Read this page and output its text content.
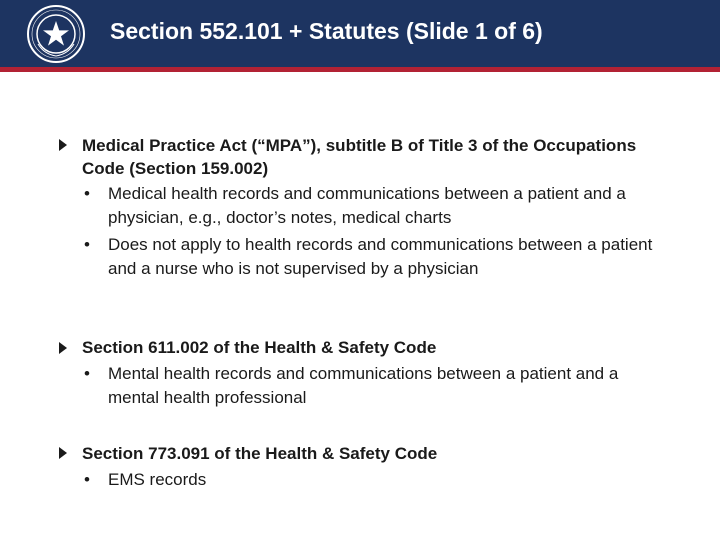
Section 552.101 + Statutes (Slide 1 of 6)
Medical Practice Act (“MPA”), subtitle B of Title 3 of the Occupations Code (Section 159.002)
• Medical health records and communications between a patient and a physician, e.g., doctor’s notes, medical charts
• Does not apply to health records and communications between a patient and a nurse who is not supervised by a physician
Section 611.002 of the Health & Safety Code
• Mental health records and communications between a patient and a mental health professional
Section 773.091 of the Health & Safety Code
• EMS records
